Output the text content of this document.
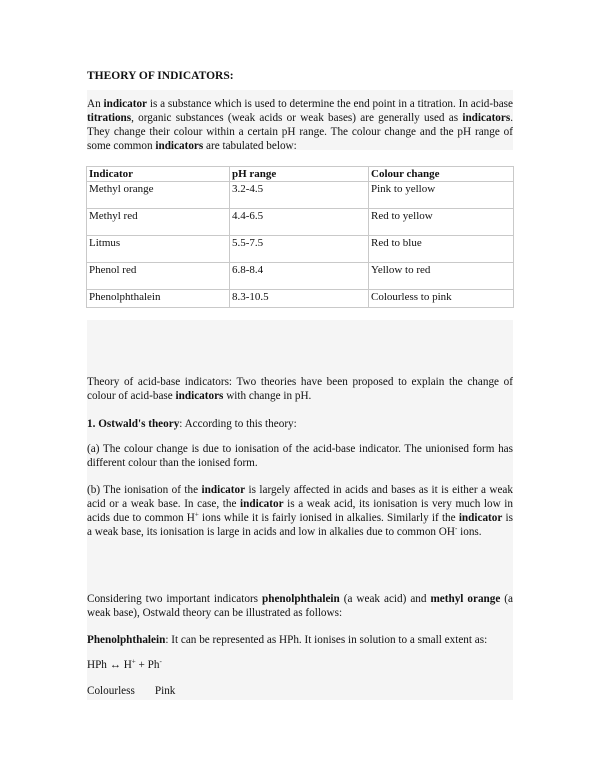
THEORY OF INDICATORS:

An indicator is a substance which is used to determine the end point in a titration. In acid-base titrations, organic substances (weak acids or weak bases) are generally used as indicators. They change their colour within a certain pH range. The colour change and the pH range of some common indicators are tabulated below:

Indicator	pH range	Colour change
Methyl orange	3.2-4.5	Pink to yellow
Methyl red	4.4-6.5	Red to yellow
Litmus	5.5-7.5	Red to blue
Phenol red	6.8-8.4	Yellow to red
Phenolphthalein	8.3-10.5	Colourless to pink

Theory of acid-base indicators: Two theories have been proposed to explain the change of colour of acid-base indicators with change in pH.

1. Ostwald's theory: According to this theory:

(a) The colour change is due to ionisation of the acid-base indicator. The unionised form has different colour than the ionised form.

(b) The ionisation of the indicator is largely affected in acids and bases as it is either a weak acid or a weak base. In case, the indicator is a weak acid, its ionisation is very much low in acids due to common H+ ions while it is fairly ionised in alkalies. Similarly if the indicator is a weak base, its ionisation is large in acids and low in alkalies due to common OH- ions.

Considering two important indicators phenolphthalein (a weak acid) and methyl orange (a weak base), Ostwald theory can be illustrated as follows:

Phenolphthalein: It can be represented as HPh. It ionises in solution to a small extent as:

HPh ↔ H+ + Ph-

Colourless Pink
